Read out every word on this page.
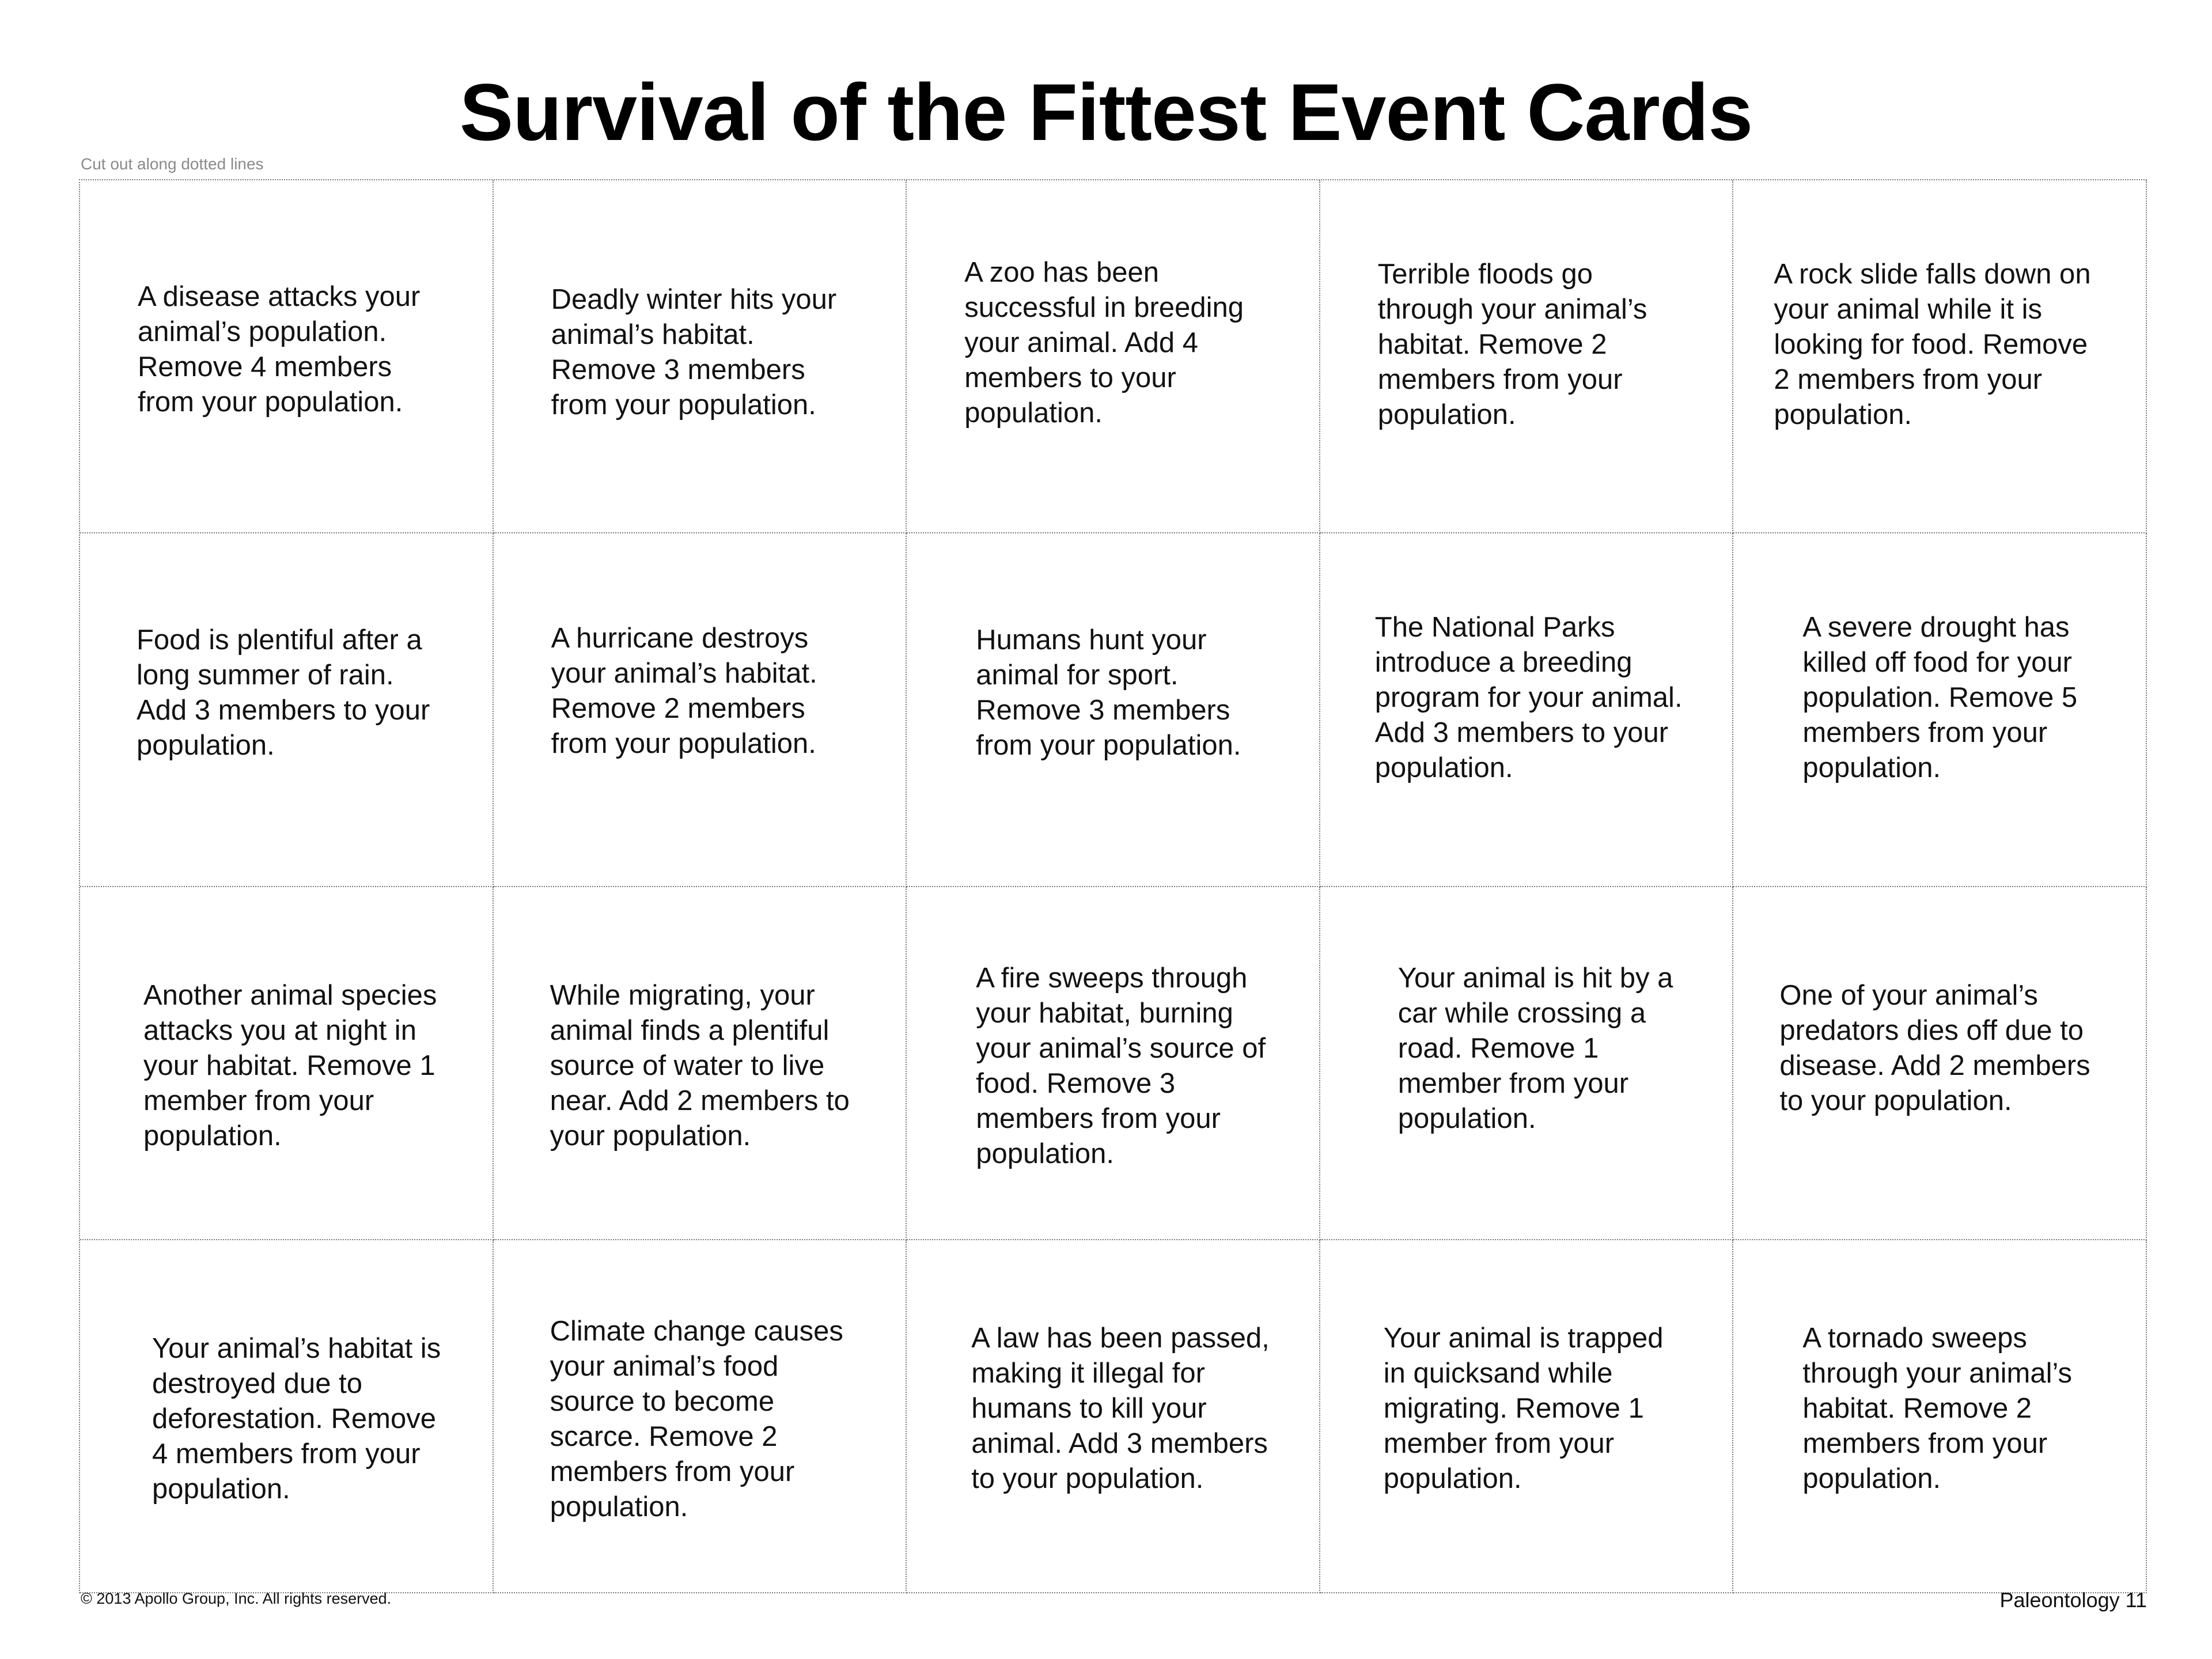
Survival of the Fittest Event Cards
Cut out along dotted lines

A disease attacks your animal’s population. Remove 4 members from your population.

Deadly winter hits your animal’s habitat. Remove 3 members from your population.

A zoo has been successful in breeding your animal. Add 4 members to your population.

Terrible floods go through your animal’s habitat. Remove 2 members from your population.

A rock slide falls down on your animal while it is looking for food. Remove 2 members from your population.

Food is plentiful after a long summer of rain. Add 3 members to your population.

A hurricane destroys your animal’s habitat. Remove 2 members from your population.

Humans hunt your animal for sport. Remove 3 members from your population.

The National Parks introduce a breeding program for your animal. Add 3 members to your population.

A severe drought has killed off food for your population. Remove 5 members from your population.

Another animal species attacks you at night in your habitat. Remove 1 member from your population.

While migrating, your animal finds a plentiful source of water to live near. Add 2 members to your population.

A fire sweeps through your habitat, burning your animal’s source of food. Remove 3 members from your population.

Your animal is hit by a car while crossing a road. Remove 1 member from your population.

One of your animal’s predators dies off due to disease. Add 2 members to your population.

Your animal’s habitat is destroyed due to deforestation. Remove 4 members from your population.

Climate change causes your animal’s food source to become scarce. Remove 2 members from your population.

A law has been passed, making it illegal for humans to kill your animal. Add 3 members to your population.

Your animal is trapped in quicksand while migrating. Remove 1 member from your population.

A tornado sweeps through your animal’s habitat. Remove 2 members from your population.

© 2013 Apollo Group, Inc. All rights reserved.	Paleontology 11
